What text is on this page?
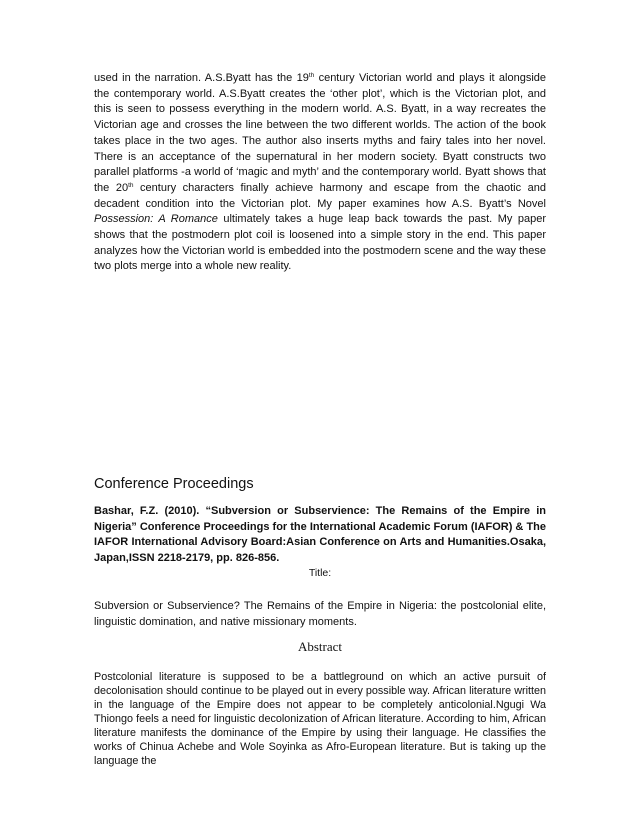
used in the narration. A.S.Byatt has the 19th century Victorian world and plays it alongside the contemporary world. A.S.Byatt creates the ‘other plot’, which is the Victorian plot, and this is seen to possess everything in the modern world. A.S. Byatt, in a way recreates the Victorian age and crosses the line between the two different worlds. The action of the book takes place in the two ages. The author also inserts myths and fairy tales into her novel. There is an acceptance of the supernatural in her modern society. Byatt constructs two parallel platforms -a world of ‘magic and myth’ and the contemporary world. Byatt shows that the 20th century characters finally achieve harmony and escape from the chaotic and decadent condition into the Victorian plot. My paper examines how A.S. Byatt’s Novel Possession: A Romance ultimately takes a huge leap back towards the past. My paper shows that the postmodern plot coil is loosened into a simple story in the end. This paper analyzes how the Victorian world is embedded into the postmodern scene and the way these two plots merge into a whole new reality.

Conference Proceedings

Bashar, F.Z. (2010). “Subversion or Subservience: The Remains of the Empire in Nigeria” Conference Proceedings for the International Academic Forum (IAFOR) & The IAFOR International Advisory Board:Asian Conference on Arts and Humanities.Osaka, Japan,ISSN 2218-2179, pp. 826-856.

Title:

Subversion or Subservience? The Remains of the Empire in Nigeria: the postcolonial elite, linguistic domination, and native missionary moments.

Abstract

Postcolonial literature is supposed to be a battleground on which an active pursuit of decolonisation should continue to be played out in every possible way. African literature written in the language of the Empire does not appear to be completely anticolonial.Ngugi Wa Thiongo feels a need for linguistic decolonization of African literature. According to him, African literature manifests the dominance of the Empire by using their language. He classifies the works of Chinua Achebe and Wole Soyinka as Afro-European literature. But is taking up the language the
